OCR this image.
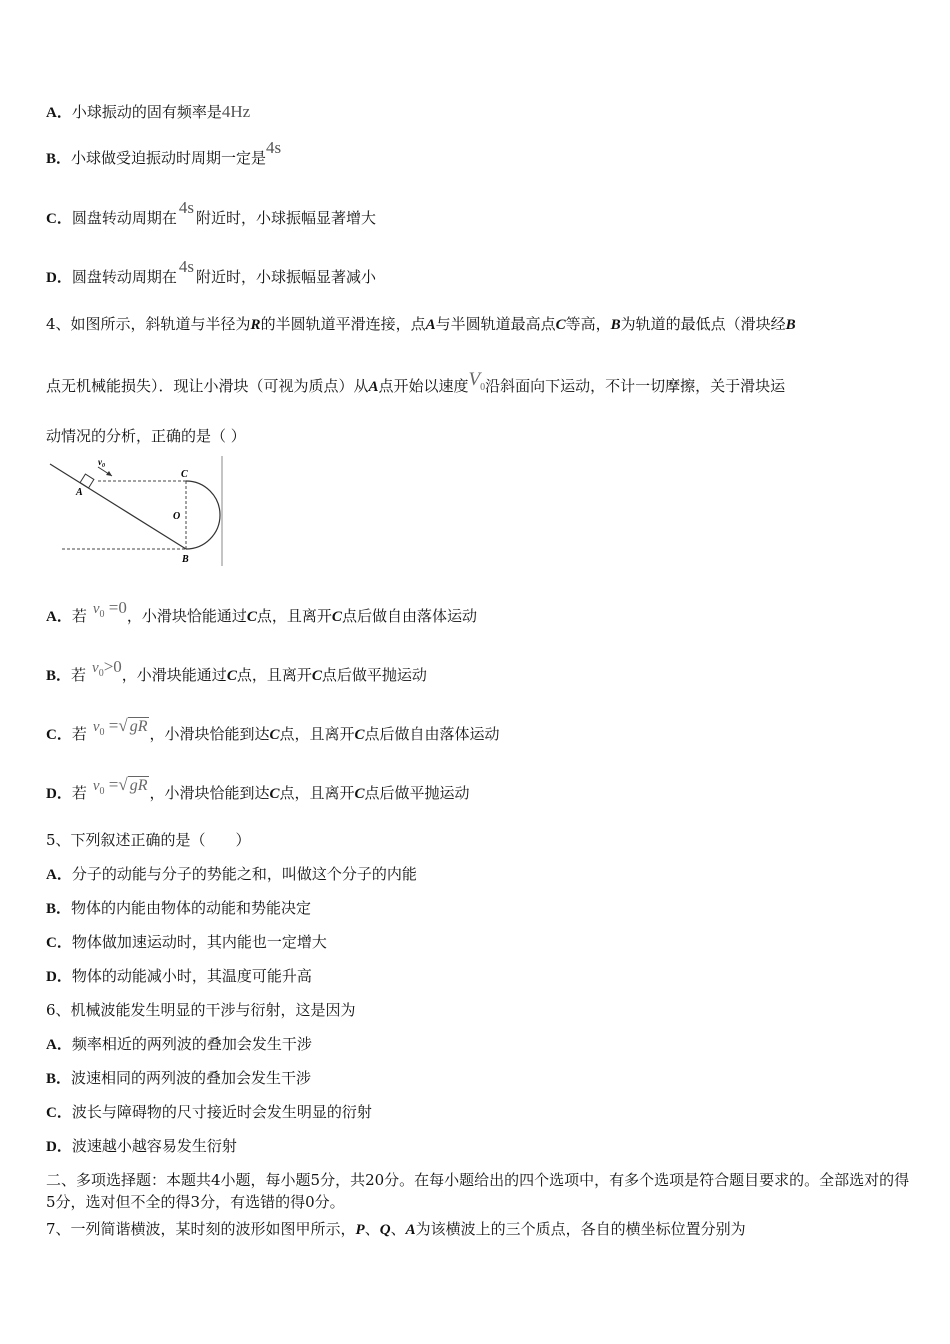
A．小球振动的固有频率是4Hz
B．小球做受迫振动时周期一定是4s
C．圆盘转动周期在4s附近时，小球振幅显著增大
D．圆盘转动周期在4s附近时，小球振幅显著减小
4、如图所示，斜轨道与半径为R的半圆轨道平滑连接，点A与半圆轨道最高点C等高，B为轨道的最低点（滑块经B
点无机械能损失）．现让小滑块（可视为质点）从A点开始以速度$V_0$沿斜面向下运动，不计一切摩擦，关于滑块运
动情况的分析，正确的是（ ）
$v_0$
A
C
O
B
A．若 $v_0 =0$，小滑块恰能通过C点，且离开C点后做自由落体运动
B．若 $v_0>0$，小滑块能通过C点，且离开C点后做平抛运动
C．若 $v_0$ =√ gR ，小滑块恰能到达C点，且离开C点后做自由落体运动
D．若 $v_0$ =√ gR ，小滑块恰能到达C点，且离开C点后做平抛运动
5、下列叙述正确的是（　　）
A．分子的动能与分子的势能之和，叫做这个分子的内能
B．物体的内能由物体的动能和势能决定
C．物体做加速运动时，其内能也一定增大
D．物体的动能减小时，其温度可能升高
6、机械波能发生明显的干涉与衍射，这是因为
A．频率相近的两列波的叠加会发生干涉
B．波速相同的两列波的叠加会发生干涉
C．波长与障碍物的尺寸接近时会发生明显的衍射
D．波速越小越容易发生衍射
二、多项选择题：本题共4小题，每小题5分，共20分。在每小题给出的四个选项中，有多个选项是符合题目要求的。全部选对的得5分，选对但不全的得3分，有选错的得0分。
7、一列简谐横波，某时刻的波形如图甲所示，P、Q、A为该横波上的三个质点，各自的横坐标位置分别为
